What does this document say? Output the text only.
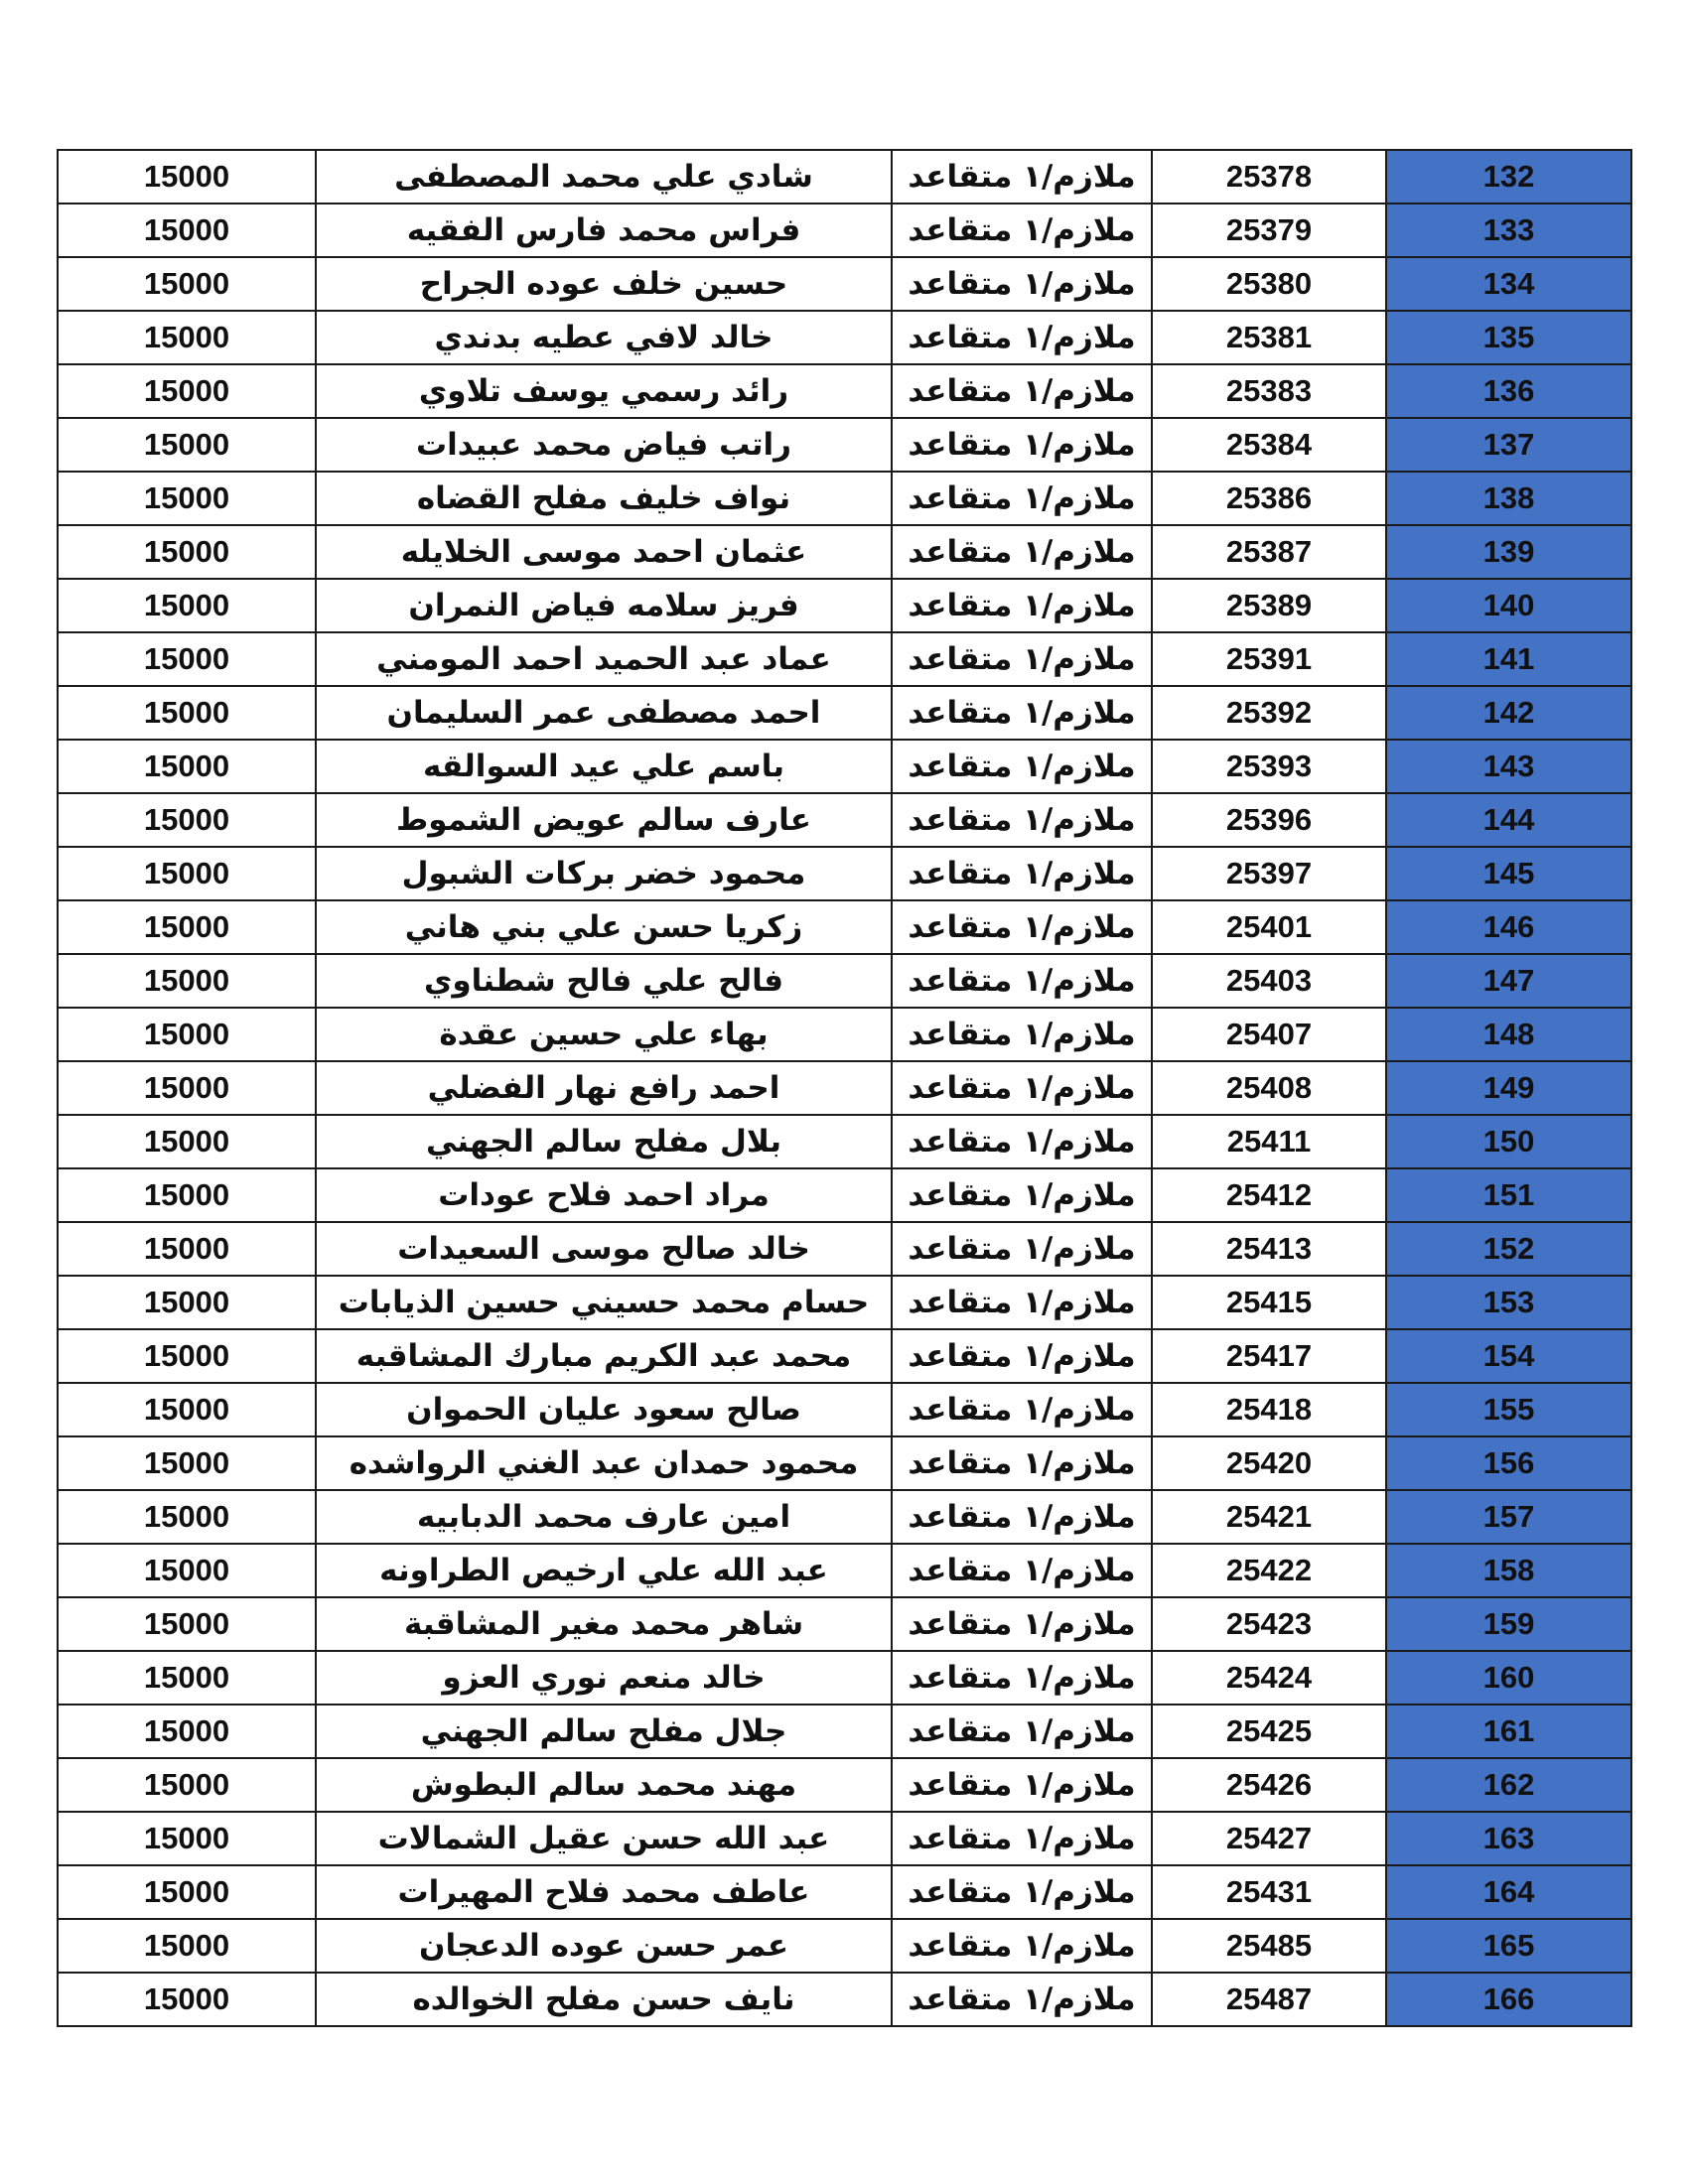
15000	شادي علي محمد المصطفى	ملازم/١ متقاعد	25378	132
15000	فراس محمد فارس الفقيه	ملازم/١ متقاعد	25379	133
15000	حسين خلف عوده الجراح	ملازم/١ متقاعد	25380	134
15000	خالد لافي عطيه بدندي	ملازم/١ متقاعد	25381	135
15000	رائد رسمي يوسف تلاوي	ملازم/١ متقاعد	25383	136
15000	راتب فياض محمد عبيدات	ملازم/١ متقاعد	25384	137
15000	نواف خليف مفلح القضاه	ملازم/١ متقاعد	25386	138
15000	عثمان احمد موسى الخلايله	ملازم/١ متقاعد	25387	139
15000	فريز سلامه فياض النمران	ملازم/١ متقاعد	25389	140
15000	عماد عبد الحميد احمد المومني	ملازم/١ متقاعد	25391	141
15000	احمد مصطفى عمر السليمان	ملازم/١ متقاعد	25392	142
15000	باسم علي عيد السوالقه	ملازم/١ متقاعد	25393	143
15000	عارف سالم عويض الشموط	ملازم/١ متقاعد	25396	144
15000	محمود خضر بركات الشبول	ملازم/١ متقاعد	25397	145
15000	زكريا حسن علي بني هاني	ملازم/١ متقاعد	25401	146
15000	فالح علي فالح شطناوي	ملازم/١ متقاعد	25403	147
15000	بهاء علي حسين عقدة	ملازم/١ متقاعد	25407	148
15000	احمد رافع نهار الفضلي	ملازم/١ متقاعد	25408	149
15000	بلال مفلح سالم الجهني	ملازم/١ متقاعد	25411	150
15000	مراد احمد فلاح عودات	ملازم/١ متقاعد	25412	151
15000	خالد صالح موسى السعيدات	ملازم/١ متقاعد	25413	152
15000	حسام محمد حسيني حسين الذيابات	ملازم/١ متقاعد	25415	153
15000	محمد عبد الكريم مبارك المشاقبه	ملازم/١ متقاعد	25417	154
15000	صالح سعود عليان الحموان	ملازم/١ متقاعد	25418	155
15000	محمود حمدان عبد الغني الرواشده	ملازم/١ متقاعد	25420	156
15000	امين عارف محمد الدبابيه	ملازم/١ متقاعد	25421	157
15000	عبد الله علي ارخيص الطراونه	ملازم/١ متقاعد	25422	158
15000	شاهر محمد مغير المشاقبة	ملازم/١ متقاعد	25423	159
15000	خالد منعم نوري العزو	ملازم/١ متقاعد	25424	160
15000	جلال مفلح سالم الجهني	ملازم/١ متقاعد	25425	161
15000	مهند محمد سالم البطوش	ملازم/١ متقاعد	25426	162
15000	عبد الله حسن عقيل الشمالات	ملازم/١ متقاعد	25427	163
15000	عاطف محمد فلاح المهيرات	ملازم/١ متقاعد	25431	164
15000	عمر حسن عوده الدعجان	ملازم/١ متقاعد	25485	165
15000	نايف حسن مفلح الخوالده	ملازم/١ متقاعد	25487	166
